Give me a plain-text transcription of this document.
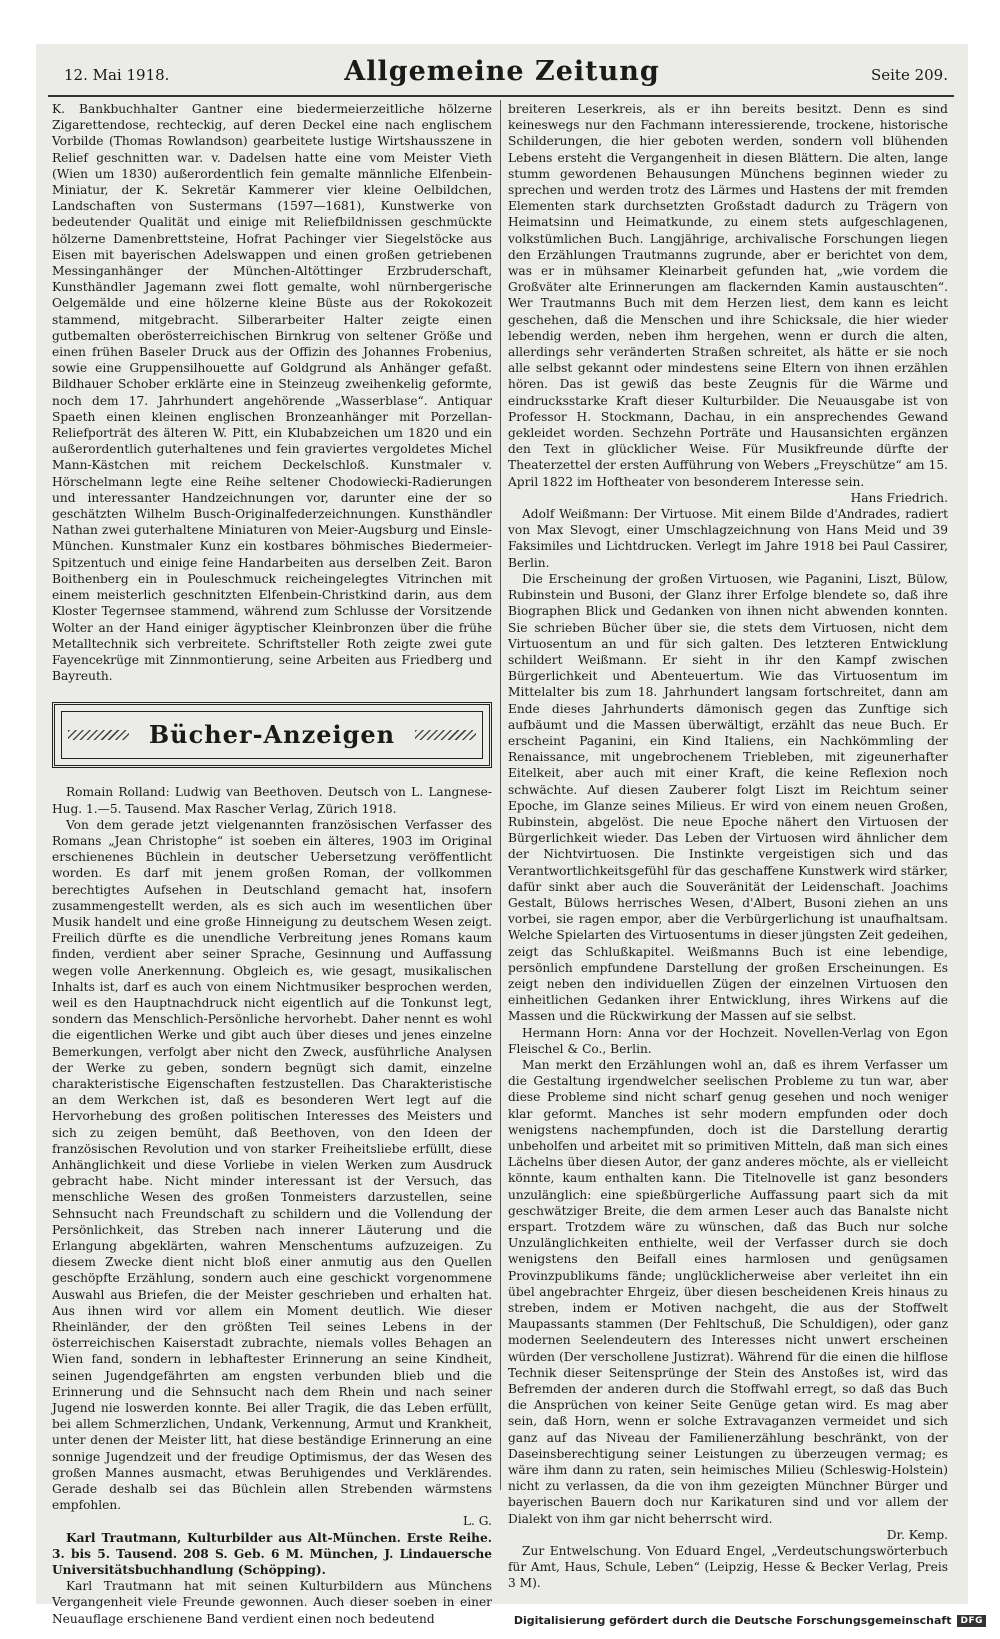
12. Mai 1918.	Allgemeine Zeitung	Seite 209.

K. Bankbuchhalter Gantner eine biedermeierzeitliche hölzerne Zigarettendose, rechteckig, auf deren Deckel eine nach englischem Vorbilde (Thomas Rowlandson) gearbeitete lustige Wirtshausszene in Relief geschnitten war. v. Dadelsen hatte eine vom Meister Vieth (Wien um 1830) außerordentlich fein gemalte männliche Elfenbein-Miniatur, der K. Sekretär Kammerer vier kleine Oelbildchen, Landschaften von Sustermans (1597—1681), Kunstwerke von bedeutender Qualität und einige mit Reliefbildnissen geschmückte hölzerne Damenbrettsteine, Hofrat Pachinger vier Siegelstöcke aus Eisen mit bayerischen Adelswappen und einen großen getriebenen Messinganhänger der München-Altöttinger Erzbruderschaft, Kunsthändler Jagemann zwei flott gemalte, wohl nürnbergerische Oelgemälde und eine hölzerne kleine Büste aus der Rokokozeit stammend, mitgebracht. Silberarbeiter Halter zeigte einen gutbemalten oberösterreichischen Birnkrug von seltener Größe und einen frühen Baseler Druck aus der Offizin des Johannes Frobenius, sowie eine Gruppensilhouette auf Goldgrund als Anhänger gefaßt. Bildhauer Schober erklärte eine in Steinzeug zweihenkelig geformte, noch dem 17. Jahrhundert angehörende „Wasserblase“. Antiquar Spaeth einen kleinen englischen Bronzeanhänger mit Porzellan-Reliefporträt des älteren W. Pitt, ein Klubabzeichen um 1820 und ein außerordentlich guterhaltenes und fein graviertes vergoldetes Michel Mann-Kästchen mit reichem Deckelschloß. Kunstmaler v. Hörschelmann legte eine Reihe seltener Chodowiecki-Radierungen und interessanter Handzeichnungen vor, darunter eine der so geschätzten Wilhelm Busch-Originalfederzeichnungen. Kunsthändler Nathan zwei guterhaltene Miniaturen von Meier-Augsburg und Einsle-München. Kunstmaler Kunz ein kostbares böhmisches Biedermeier-Spitzentuch und einige feine Handarbeiten aus derselben Zeit. Baron Boithenberg ein in Pouleschmuck reicheingelegtes Vitrinchen mit einem meisterlich geschnitzten Elfenbein-Christkind darin, aus dem Kloster Tegernsee stammend, während zum Schlusse der Vorsitzende Wolter an der Hand einiger ägyptischer Kleinbronzen über die frühe Metalltechnik sich verbreitete. Schriftsteller Roth zeigte zwei gute Fayencekrüge mit Zinnmontierung, seine Arbeiten aus Friedberg und Bayreuth.

Bücher-Anzeigen

Romain Rolland: Ludwig van Beethoven. Deutsch von L. Langnese-Hug. 1.—5. Tausend. Max Rascher Verlag, Zürich 1918.

Von dem gerade jetzt vielgenannten französischen Verfasser des Romans „Jean Christophe“ ist soeben ein älteres, 1903 im Original erschienenes Büchlein in deutscher Uebersetzung veröffentlicht worden. Es darf mit jenem großen Roman, der vollkommen berechtigtes Aufsehen in Deutschland gemacht hat, insofern zusammengestellt werden, als es sich auch im wesentlichen über Musik handelt und eine große Hinneigung zu deutschem Wesen zeigt. Freilich dürfte es die unendliche Verbreitung jenes Romans kaum finden, verdient aber seiner Sprache, Gesinnung und Auffassung wegen volle Anerkennung. Obgleich es, wie gesagt, musikalischen Inhalts ist, darf es auch von einem Nichtmusiker besprochen werden, weil es den Hauptnachdruck nicht eigentlich auf die Tonkunst legt, sondern das Menschlich-Persönliche hervorhebt. Daher nennt es wohl die eigentlichen Werke und gibt auch über dieses und jenes einzelne Bemerkungen, verfolgt aber nicht den Zweck, ausführliche Analysen der Werke zu geben, sondern begnügt sich damit, einzelne charakteristische Eigenschaften festzustellen. Das Charakteristische an dem Werkchen ist, daß es besonderen Wert legt auf die Hervorhebung des großen politischen Interesses des Meisters und sich zu zeigen bemüht, daß Beethoven, von den Ideen der französischen Revolution und von starker Freiheitsliebe erfüllt, diese Anhänglichkeit und diese Vorliebe in vielen Werken zum Ausdruck gebracht habe. Nicht minder interessant ist der Versuch, das menschliche Wesen des großen Tonmeisters darzustellen, seine Sehnsucht nach Freundschaft zu schildern und die Vollendung der Persönlichkeit, das Streben nach innerer Läuterung und die Erlangung abgeklärten, wahren Menschentums aufzuzeigen. Zu diesem Zwecke dient nicht bloß einer anmutig aus den Quellen geschöpfte Erzählung, sondern auch eine geschickt vorgenommene Auswahl aus Briefen, die der Meister geschrieben und erhalten hat. Aus ihnen wird vor allem ein Moment deutlich. Wie dieser Rheinländer, der den größten Teil seines Lebens in der österreichischen Kaiserstadt zubrachte, niemals volles Behagen an Wien fand, sondern in lebhaftester Erinnerung an seine Kindheit, seinen Jugendgefährten am engsten verbunden blieb und die Erinnerung und die Sehnsucht nach dem Rhein und nach seiner Jugend nie loswerden konnte. Bei aller Tragik, die das Leben erfüllt, bei allem Schmerzlichen, Undank, Verkennung, Armut und Krankheit, unter denen der Meister litt, hat diese beständige Erinnerung an eine sonnige Jugendzeit und der freudige Optimismus, der das Wesen des großen Mannes ausmacht, etwas Beruhigendes und Verklärendes. Gerade deshalb sei das Büchlein allen Strebenden wärmstens empfohlen.

L. G.

Karl Trautmann, Kulturbilder aus Alt-München. Erste Reihe. 3. bis 5. Tausend. 208 S. Geb. 6 M. München, J. Lindauersche Universitätsbuchhandlung (Schöpping).

Karl Trautmann hat mit seinen Kulturbildern aus Münchens Vergangenheit viele Freunde gewonnen. Auch dieser soeben in einer Neuauflage erschienene Band verdient einen noch bedeutend

breiteren Leserkreis, als er ihn bereits besitzt. Denn es sind keineswegs nur den Fachmann interessierende, trockene, historische Schilderungen, die hier geboten werden, sondern voll blühenden Lebens ersteht die Vergangenheit in diesen Blättern. Die alten, lange stumm gewordenen Behausungen Münchens beginnen wieder zu sprechen und werden trotz des Lärmes und Hastens der mit fremden Elementen stark durchsetzten Großstadt dadurch zu Trägern von Heimatsinn und Heimatkunde, zu einem stets aufgeschlagenen, volkstümlichen Buch. Langjährige, archivalische Forschungen liegen den Erzählungen Trautmanns zugrunde, aber er berichtet von dem, was er in mühsamer Kleinarbeit gefunden hat, „wie vordem die Großväter alte Erinnerungen am flackernden Kamin austauschten“. Wer Trautmanns Buch mit dem Herzen liest, dem kann es leicht geschehen, daß die Menschen und ihre Schicksale, die hier wieder lebendig werden, neben ihm hergehen, wenn er durch die alten, allerdings sehr veränderten Straßen schreitet, als hätte er sie noch alle selbst gekannt oder mindestens seine Eltern von ihnen erzählen hören. Das ist gewiß das beste Zeugnis für die Wärme und eindrucksstarke Kraft dieser Kulturbilder. Die Neuausgabe ist von Professor H. Stockmann, Dachau, in ein ansprechendes Gewand gekleidet worden. Sechzehn Porträte und Hausansichten ergänzen den Text in glücklicher Weise. Für Musikfreunde dürfte der Theaterzettel der ersten Aufführung von Webers „Freyschütze“ am 15. April 1822 im Hoftheater von besonderem Interesse sein.

Hans Friedrich.

Adolf Weißmann: Der Virtuose. Mit einem Bilde d'Andrades, radiert von Max Slevogt, einer Umschlagzeichnung von Hans Meid und 39 Faksimiles und Lichtdrucken. Verlegt im Jahre 1918 bei Paul Cassirer, Berlin.

Die Erscheinung der großen Virtuosen, wie Paganini, Liszt, Bülow, Rubinstein und Busoni, der Glanz ihrer Erfolge blendete so, daß ihre Biographen Blick und Gedanken von ihnen nicht abwenden konnten. Sie schrieben Bücher über sie, die stets dem Virtuosen, nicht dem Virtuosentum an und für sich galten. Des letzteren Entwicklung schildert Weißmann. Er sieht in ihr den Kampf zwischen Bürgerlichkeit und Abenteuertum. Wie das Virtuosentum im Mittelalter bis zum 18. Jahrhundert langsam fortschreitet, dann am Ende dieses Jahrhunderts dämonisch gegen das Zunftige sich aufbäumt und die Massen überwältigt, erzählt das neue Buch. Er erscheint Paganini, ein Kind Italiens, ein Nachkömmling der Renaissance, mit ungebrochenem Triebleben, mit zigeunerhafter Eitelkeit, aber auch mit einer Kraft, die keine Reflexion noch schwächte. Auf diesen Zauberer folgt Liszt im Reichtum seiner Epoche, im Glanze seines Milieus. Er wird von einem neuen Großen, Rubinstein, abgelöst. Die neue Epoche nähert den Virtuosen der Bürgerlichkeit wieder. Das Leben der Virtuosen wird ähnlicher dem der Nichtvirtuosen. Die Instinkte vergeistigen sich und das Verantwortlichkeitsgefühl für das geschaffene Kunstwerk wird stärker, dafür sinkt aber auch die Souveränität der Leidenschaft. Joachims Gestalt, Bülows herrisches Wesen, d'Albert, Busoni ziehen an uns vorbei, sie ragen empor, aber die Verbürgerlichung ist unaufhaltsam. Welche Spielarten des Virtuosentums in dieser jüngsten Zeit gedeihen, zeigt das Schlußkapitel. Weißmanns Buch ist eine lebendige, persönlich empfundene Darstellung der großen Erscheinungen. Es zeigt neben den individuellen Zügen der einzelnen Virtuosen den einheitlichen Gedanken ihrer Entwicklung, ihres Wirkens auf die Massen und die Rückwirkung der Massen auf sie selbst.

Hermann Horn: Anna vor der Hochzeit. Novellen-Verlag von Egon Fleischel & Co., Berlin.

Man merkt den Erzählungen wohl an, daß es ihrem Verfasser um die Gestaltung irgendwelcher seelischen Probleme zu tun war, aber diese Probleme sind nicht scharf genug gesehen und noch weniger klar geformt. Manches ist sehr modern empfunden oder doch wenigstens nachempfunden, doch ist die Darstellung derartig unbeholfen und arbeitet mit so primitiven Mitteln, daß man sich eines Lächelns über diesen Autor, der ganz anderes möchte, als er vielleicht könnte, kaum enthalten kann. Die Titelnovelle ist ganz besonders unzulänglich: eine spießbürgerliche Auffassung paart sich da mit geschwätziger Breite, die dem armen Leser auch das Banalste nicht erspart. Trotzdem wäre zu wünschen, daß das Buch nur solche Unzulänglichkeiten enthielte, weil der Verfasser durch sie doch wenigstens den Beifall eines harmlosen und genügsamen Provinzpublikums fände; unglücklicherweise aber verleitet ihn ein übel angebrachter Ehrgeiz, über diesen bescheidenen Kreis hinaus zu streben, indem er Motiven nachgeht, die aus der Stoffwelt Maupassants stammen (Der Fehltschuß, Die Schuldigen), oder ganz modernen Seelendeutern des Interesses nicht unwert erscheinen würden (Der verschollene Justizrat). Während für die einen die hilflose Technik dieser Seitensprünge der Stein des Anstoßes ist, wird das Befremden der anderen durch die Stoffwahl erregt, so daß das Buch die Ansprüchen von keiner Seite Genüge getan wird. Es mag aber sein, daß Horn, wenn er solche Extravaganzen vermeidet und sich ganz auf das Niveau der Familienerzählung beschränkt, von der Daseinsberechtigung seiner Leistungen zu überzeugen vermag; es wäre ihm dann zu raten, sein heimisches Milieu (Schleswig-Holstein) nicht zu verlassen, da die von ihm gezeigten Münchner Bürger und bayerischen Bauern doch nur Karikaturen sind und vor allem der Dialekt von ihm gar nicht beherrscht wird.

Dr. Kemp.

Zur Entwelschung. Von Eduard Engel, „Verdeutschungswörterbuch für Amt, Haus, Schule, Leben“ (Leipzig, Hesse & Becker Verlag, Preis 3 M).

Digitalisierung gefördert durch die Deutsche Forschungsgemeinschaft	DFG
